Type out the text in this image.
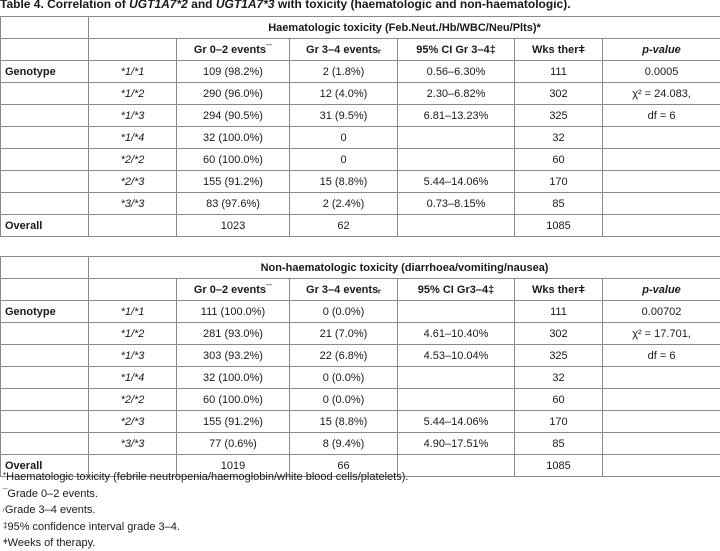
Table 4. Correlation of UGT1A7*2 and UGT1A7*3 with toxicity (haematologic and non-haematologic).
	Haematologic toxicity (Feb.Neut./Hb/WBC/Neu/Plts)*					
		Gr 0–2 events¯	Gr 3–4 eventsᵣ	95% CI Gr 3–4‡	Wks therǂ	p-value
Genotype	*1/*1	109 (98.2%)	2 (1.8%)	0.56–6.30%	111	0.0005
	*1/*2	290 (96.0%)	12 (4.0%)	2.30–6.82%	302	χ² = 24.083,
	*1/*3	294 (90.5%)	31 (9.5%)	6.81–13.23%	325	df = 6
	*1/*4	32 (100.0%)	0		32	
	*2/*2	60 (100.0%)	0		60	
	*2/*3	155 (91.2%)	15 (8.8%)	5.44–14.06%	170	
	*3/*3	83 (97.6%)	2 (2.4%)	0.73–8.15%	85	
Overall		1023	62		1085	
	Non-haematologic toxicity (diarrhoea/vomiting/nausea)					
		Gr 0–2 events¯	Gr 3–4 eventsᵣ	95% CI Gr3–4‡	Wks therǂ	p-value
Genotype	*1/*1	111 (100.0%)	0 (0.0%)		111	0.00702
	*1/*2	281 (93.0%)	21 (7.0%)	4.61–10.40%	302	χ² = 17.701,
	*1/*3	303 (93.2%)	22 (6.8%)	4.53–10.04%	325	df = 6
	*1/*4	32 (100.0%)	0 (0.0%)		32	
	*2/*2	60 (100.0%)	0 (0.0%)		60	
	*2/*3	155 (91.2%)	15 (8.8%)	5.44–14.06%	170	
	*3/*3	77 (0.6%)	8 (9.4%)	4.90–17.51%	85	
Overall		1019	66		1085	
*Haematologic toxicity (febrile neutropenia/haemoglobin/white blood cells/platelets).
¯Grade 0–2 events.
ᵣGrade 3–4 events.
‡95% confidence interval grade 3–4.
ǂWeeks of therapy.
